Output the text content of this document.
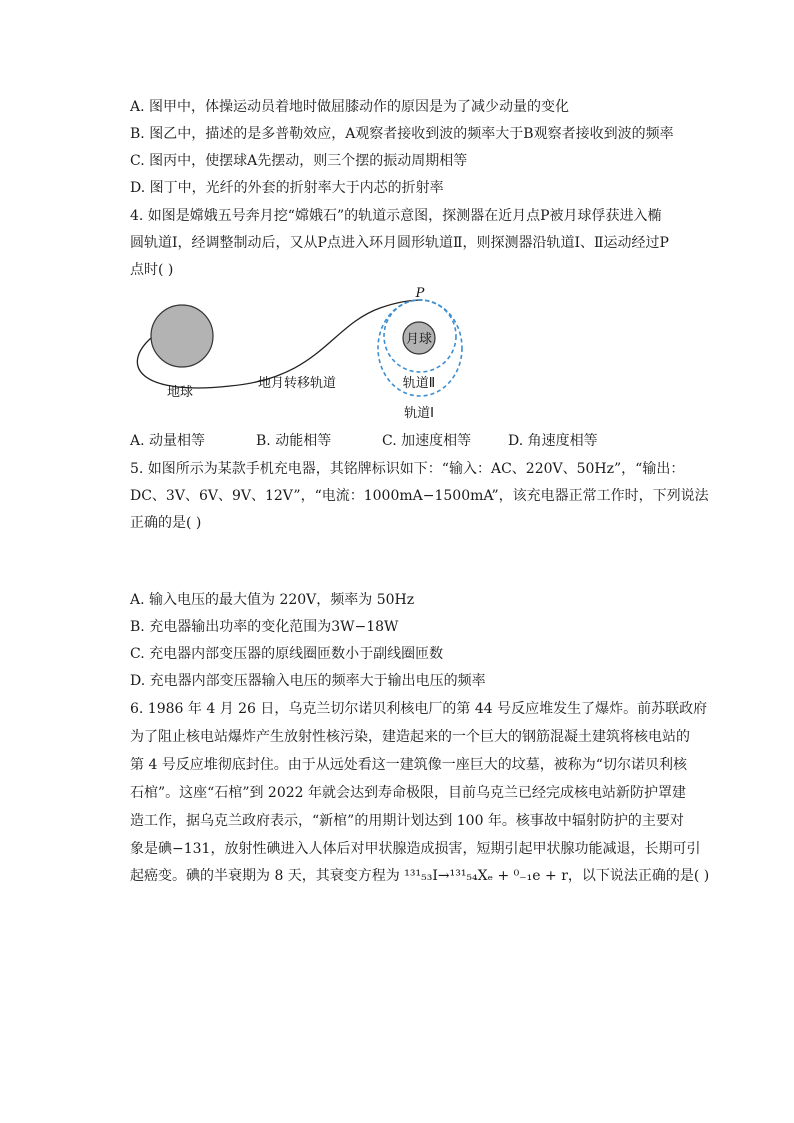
A. 图甲中，体操运动员着地时做屈膝动作的原因是为了减少动量的变化
B. 图乙中，描述的是多普勒效应，A观察者接收到波的频率大于B观察者接收到波的频率
C. 图丙中，使摆球A先摆动，则三个摆的振动周期相等
D. 图丁中，光纤的外套的折射率大于内芯的折射率
4. 如图是嫦娥五号奔月挖“嫦娥石”的轨道示意图，探测器在近月点P被月球俘获进入椭
圆轨道Ⅰ，经调整制动后，又从P点进入环月圆形轨道Ⅱ，则探测器沿轨道Ⅰ、Ⅱ运动经过P
点时( )
月球
P
地球
地月转移轨道	轨道Ⅱ
轨道Ⅰ
A. 动量相等	B. 动能相等	C. 加速度相等	D. 角速度相等
5. 如图所示为某款手机充电器，其铭牌标识如下：“输入：AC、220V、50Hz”，“输出：
DC、3V、6V、9V、12V”，“电流：1000mA−1500mA”，该充电器正常工作时，下列说法
正确的是( )
A. 输入电压的最大值为 220V，频率为 50Hz
B. 充电器输出功率的变化范围为3W−18W
C. 充电器内部变压器的原线圈匝数小于副线圈匝数
D. 充电器内部变压器输入电压的频率大于输出电压的频率
6. 1986 年 4 月 26 日，乌克兰切尔诺贝利核电厂的第 44 号反应堆发生了爆炸。前苏联政府
为了阻止核电站爆炸产生放射性核污染，建造起来的一个巨大的钢筋混凝土建筑将核电站的
第 4 号反应堆彻底封住。由于从远处看这一建筑像一座巨大的坟墓，被称为“切尔诺贝利核
石棺”。这座“石棺”到 2022 年就会达到寿命极限，目前乌克兰已经完成核电站新防护罩建
造工作，据乌克兰政府表示，“新棺”的用期计划达到 100 年。核事故中辐射防护的主要对
象是碘−131，放射性碘进入人体后对甲状腺造成损害，短期引起甲状腺功能减退，长期可引
起癌变。碘的半衰期为 8 天，其衰变方程为 ¹³¹₅₃I→¹³¹₅₄Xₑ + ⁰₋₁e + r，以下说法正确的是( )
